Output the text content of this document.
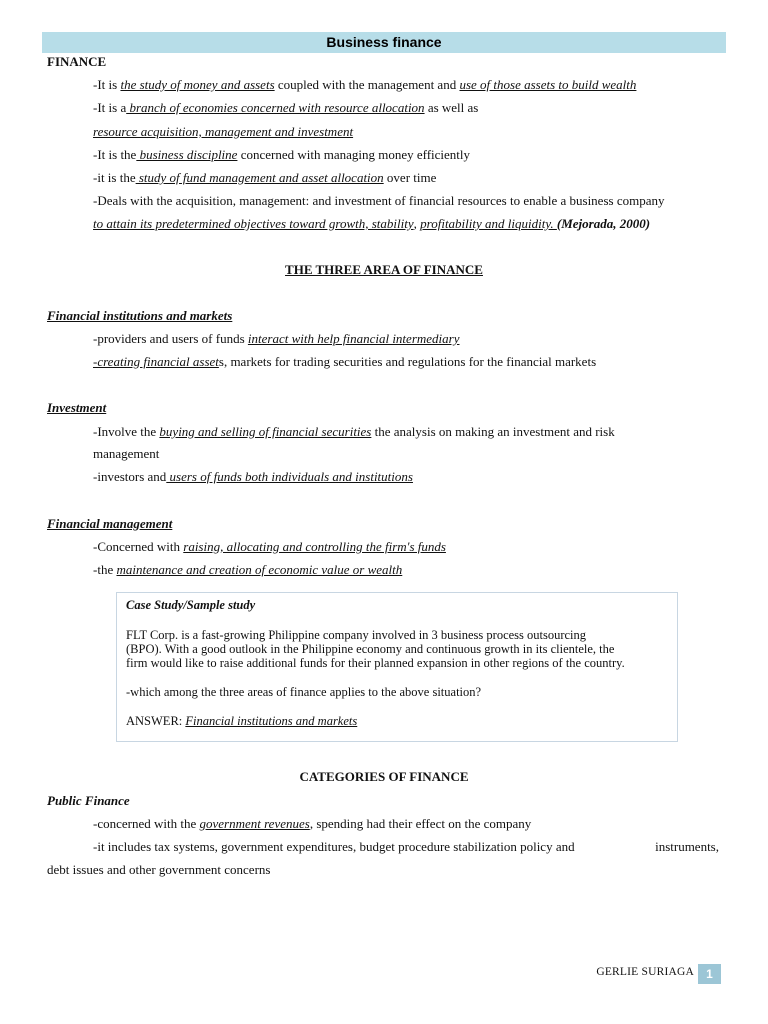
Business finance
FINANCE
-It is the study of money and assets coupled with the management and use of those assets to build wealth
-It is a branch of economies concerned with resource allocation as well as
resource acquisition, management and investment
-It is the business discipline concerned with managing money efficiently
-it is the study of fund management and asset allocation over time
-Deals with the acquisition, management: and investment of financial resources to enable a business company
to attain its predetermined objectives toward growth, stability, profitability and liquidity. (Mejorada, 2000)
THE THREE AREA OF FINANCE
Financial institutions and markets
-providers and users of funds interact with help financial intermediary
-creating financial assets, markets for trading securities and regulations for the financial markets
Investment
-Involve the buying and selling of financial securities the analysis on making an investment and risk
management
-investors and users of funds both individuals and institutions
Financial management
-Concerned with raising, allocating and controlling the firm's funds
-the maintenance and creation of economic value or wealth
Case Study/Sample study
FLT Corp. is a fast-growing Philippine company involved in 3 business process outsourcing
(BPO). With a good outlook in the Philippine economy and continuous growth in its clientele, the
firm would like to raise additional funds for their planned expansion in other regions of the country.
-which among the three areas of finance applies to the above situation?
ANSWER: Financial institutions and markets
CATEGORIES OF FINANCE
Public Finance
-concerned with the government revenues, spending had their effect on the company
-it includes tax systems, government expenditures, budget procedure stabilization policy and	instruments,
debt issues and other government concerns
GERLIE SURIAGA	1
